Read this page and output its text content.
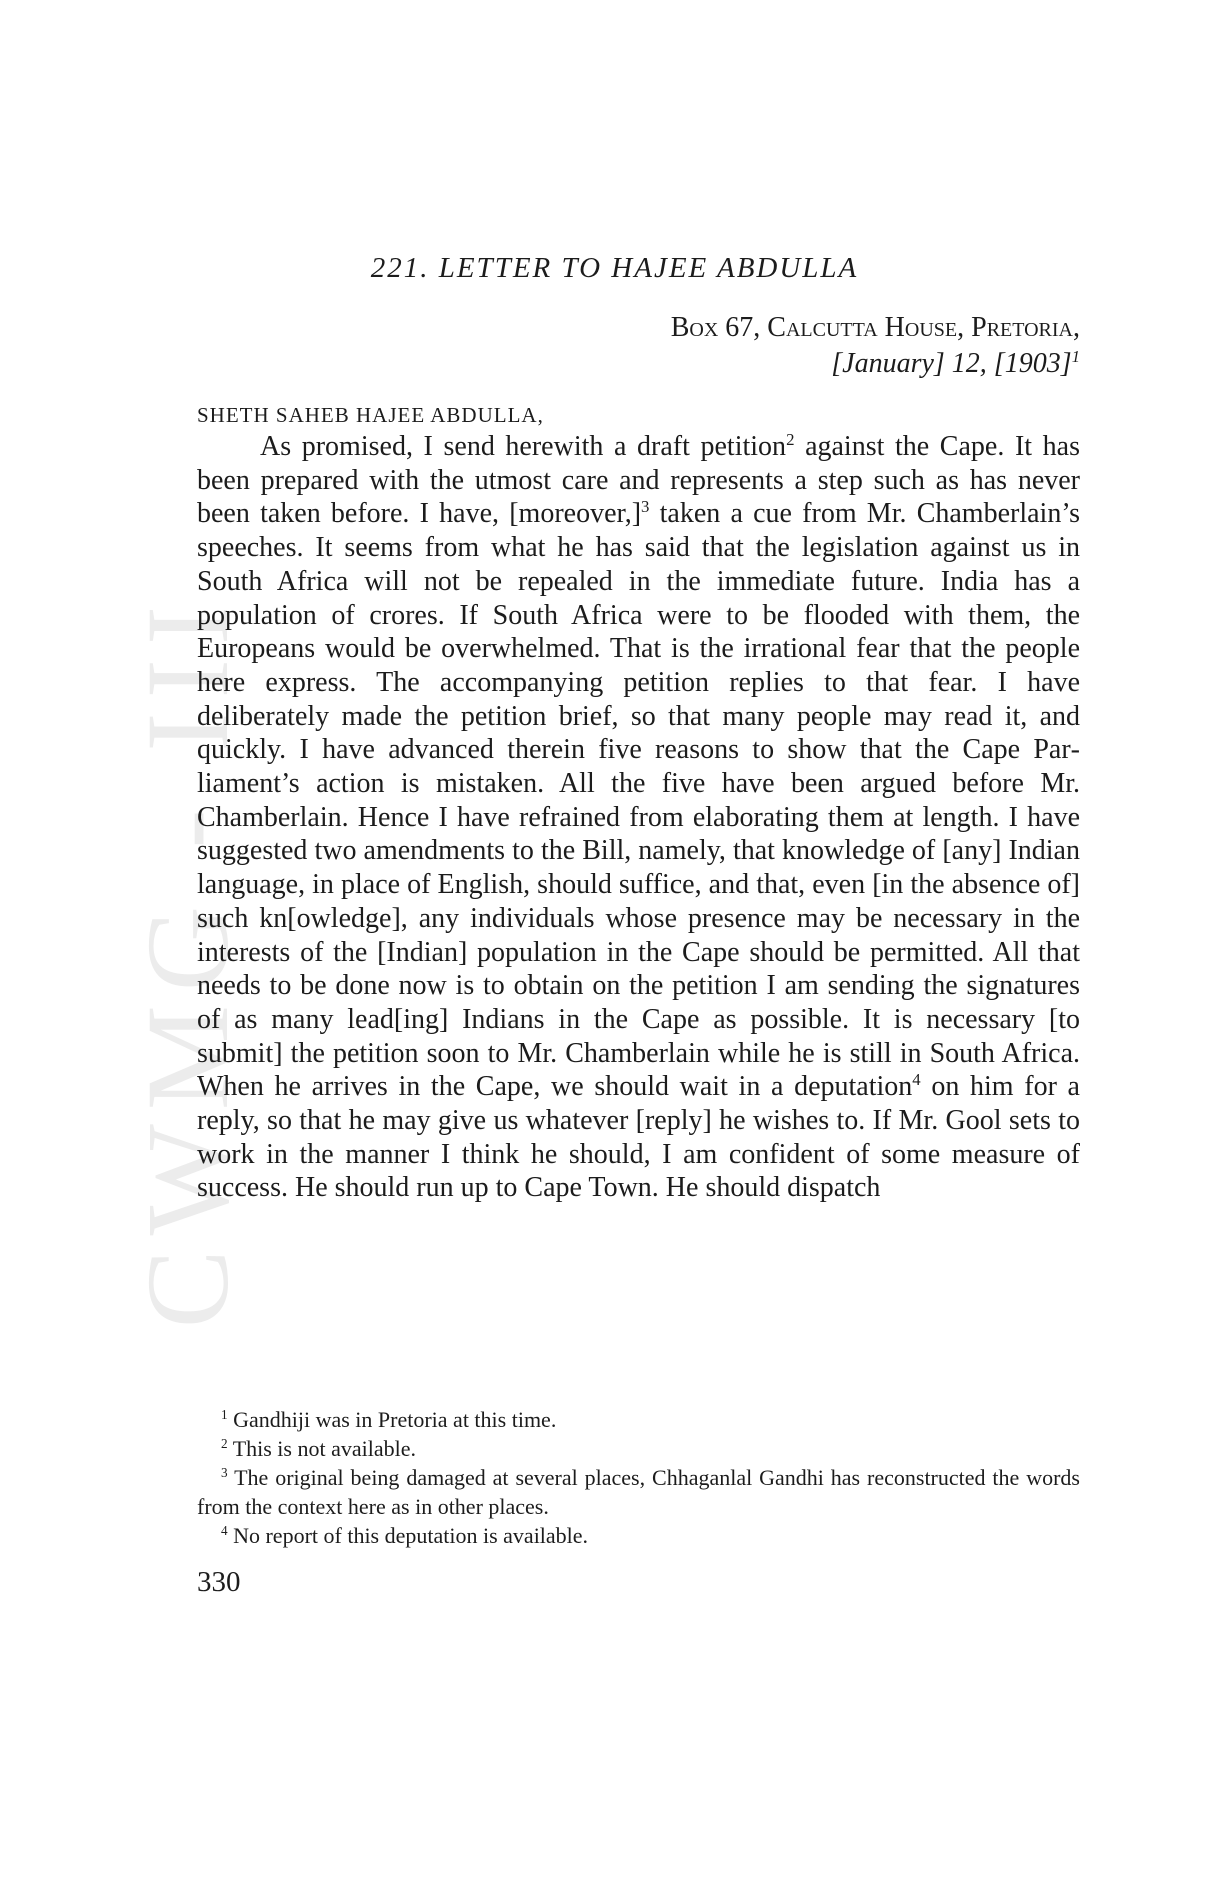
CWMG - III
221. LETTER TO HAJEE ABDULLA
Box 67, Calcutta House, Pretoria,
[January] 12, $[1903]^1$
SHETH SAHEB HAJEE ABDULLA,

As promised, I send herewith a draft petition$^2$ against the Cape. It has been prepared with the utmost care and represents a step such as has never been taken before. I have, [moreover,]$^3$ taken a cue from Mr. Chamberlain’s speeches. It seems from what he has said that the legislation against us in South Africa will not be repealed in the immediate future. India has a population of crores. If South Africa were to be flooded with them, the Europeans would be overwhelmed. That is the irrational fear that the people here express. The accompanying petition replies to that fear. I have deliberately made the petition brief, so that many people may read it, and quickly. I have advanced therein five reasons to show that the Cape Parliament’s action is mistaken. All the five have been argued before Mr. Chamberlain. Hence I have refrained from elaborating them at length. I have suggested two amendments to the Bill, namely, that knowledge of [any] Indian language, in place of English, should suffice, and that, even [in the absence of] such kn[owledge], any individuals whose presence may be necessary in the interests of the [Indian] population in the Cape should be permitted. All that needs to be done now is to obtain on the petition I am sending the signatures of as many lead[ing] Indians in the Cape as possible. It is necessary [to submit] the petition soon to Mr. Chamberlain while he is still in South Africa. When he arrives in the Cape, we should wait in a deputation$^4$ on him for a reply, so that he may give us whatever [reply] he wishes to. If Mr. Gool sets to work in the manner I think he should, I am confident of some measure of success. He should run up to Cape Town. He should dispatch

$^1$ Gandhiji was in Pretoria at this time.
$^2$ This is not available.
$^3$ The original being damaged at several places, Chhaganlal Gandhi has reconstructed the words from the context here as in other places.
$^4$ No report of this deputation is available.
330
